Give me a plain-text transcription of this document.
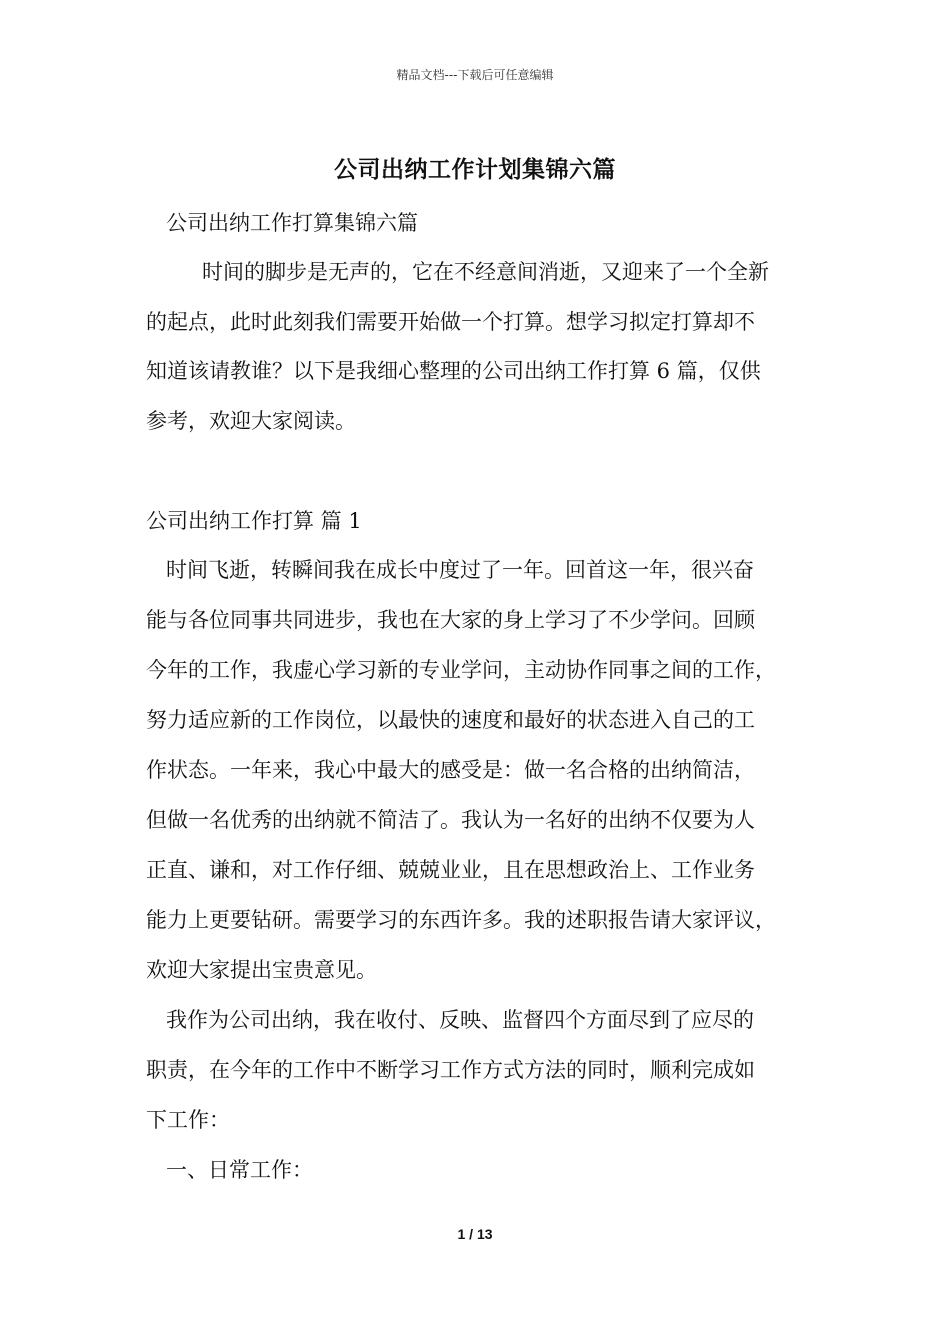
精品文档---下载后可任意编辑
公司出纳工作计划集锦六篇
公司出纳工作打算集锦六篇
时间的脚步是无声的，它在不经意间消逝，又迎来了一个全新
的起点，此时此刻我们需要开始做一个打算。想学习拟定打算却不
知道该请教谁？以下是我细心整理的公司出纳工作打算 6 篇，仅供
参考，欢迎大家阅读。
公司出纳工作打算 篇 1
时间飞逝，转瞬间我在成长中度过了一年。回首这一年，很兴奋
能与各位同事共同进步，我也在大家的身上学习了不少学问。回顾
今年的工作，我虚心学习新的专业学问，主动协作同事之间的工作，
努力适应新的工作岗位，以最快的速度和最好的状态进入自己的工
作状态。一年来，我心中最大的感受是：做一名合格的出纳简洁，
但做一名优秀的出纳就不简洁了。我认为一名好的出纳不仅要为人
正直、谦和，对工作仔细、兢兢业业，且在思想政治上、工作业务
能力上更要钻研。需要学习的东西许多。我的述职报告请大家评议，
欢迎大家提出宝贵意见。
我作为公司出纳，我在收付、反映、监督四个方面尽到了应尽的
职责，在今年的工作中不断学习工作方式方法的同时，顺利完成如
下工作：
一、日常工作：
1 / 13
